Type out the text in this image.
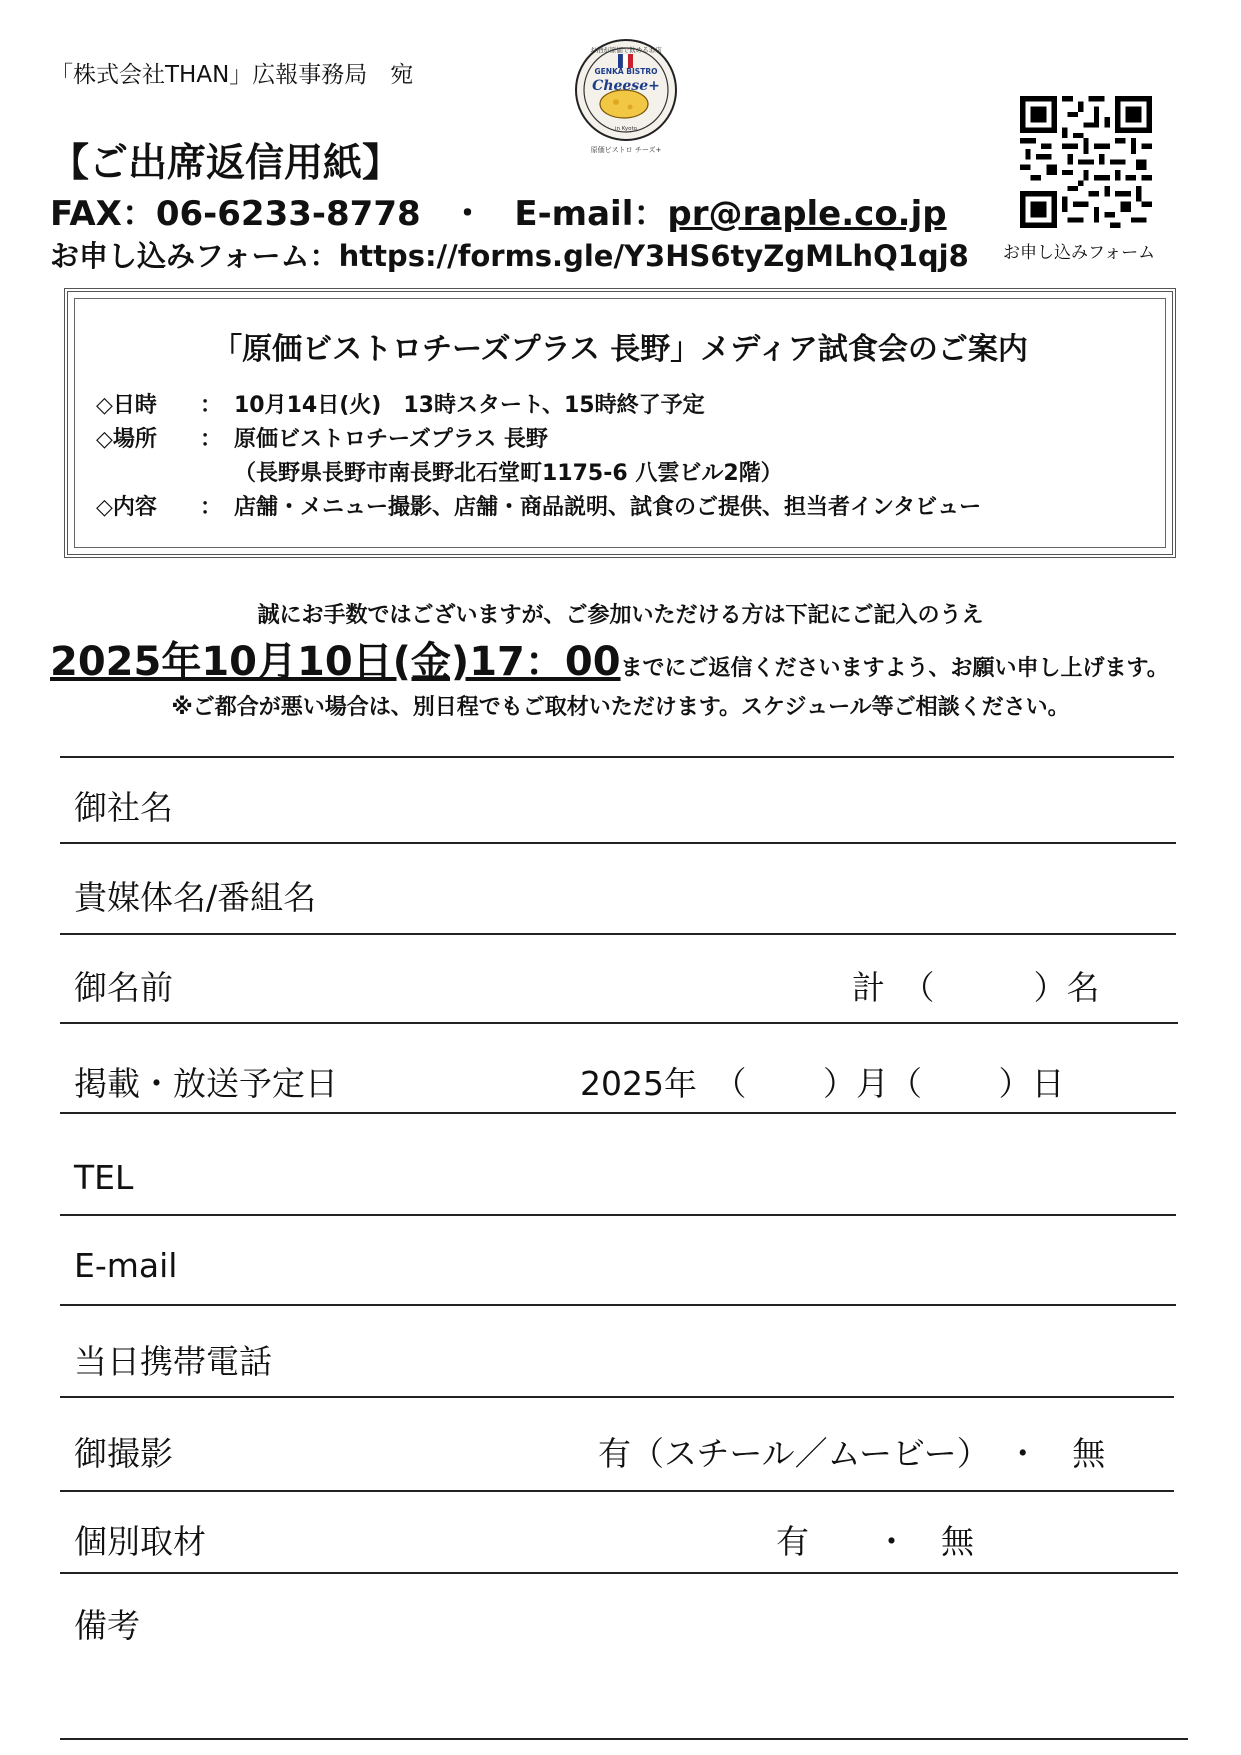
「株式会社THAN」広報事務局　宛
お酒が原価で飲めるお店
GENKA BISTRO
Cheese+
in Kyoto
原価ビストロ チーズ+
お申し込みフォーム
【ご出席返信用紙】
FAX：06-6233-8778 ・ E-mail：pr@raple.co.jp
お申し込みフォーム：https://forms.gle/Y3HS6tyZgMLhQ1qj8
「原価ビストロチーズプラス 長野」メディア試食会のご案内
◇日時 ： 10月14日(火)　13時スタート、15時終了予定
◇場所 ： 原価ビストロチーズプラス 長野
（長野県長野市南長野北石堂町1175-6 八雲ビル2階）
◇内容 ： 店舗・メニュー撮影、店舗・商品説明、試食のご提供、担当者インタビュー
誠にお手数ではございますが、ご参加いただける方は下記にご記入のうえ
2025年10月10日(金)17：00までにご返信くださいますよう、お願い申し上げます。
※ご都合が悪い場合は、別日程でもご取材いただけます。スケジュール等ご相談ください。
御社名
貴媒体名/番組名
御名前	計　（　　　）名
掲載・放送予定日	2025年　（　　 ）月（　　 ）日
TEL
E-mail
当日携帯電話
御撮影	有（スチール／ムービー）　・　無
個別取材	有　　・　無
備考
